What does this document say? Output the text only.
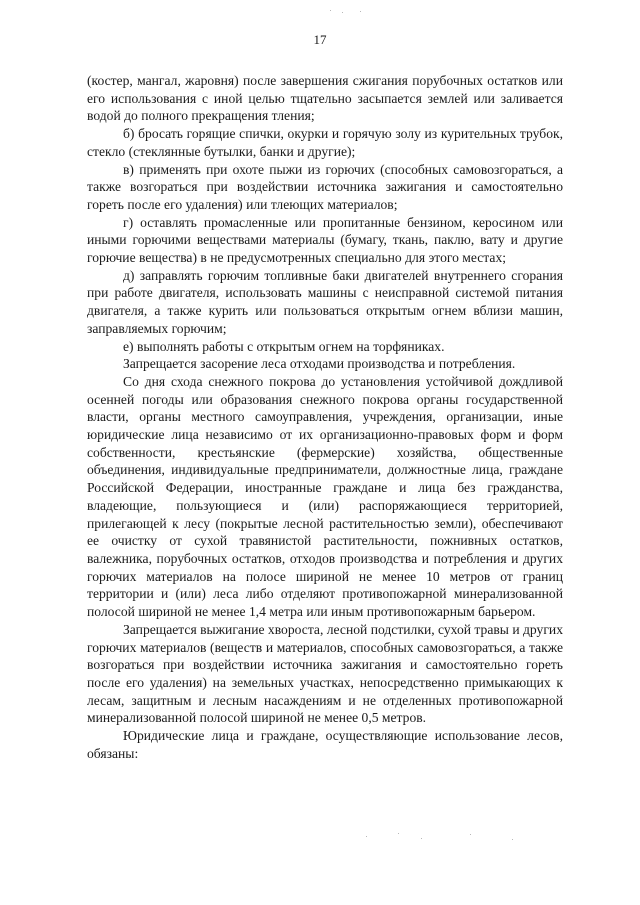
17

(костер, мангал, жаровня) после завершения сжигания порубочных остатков или его использования с иной целью тщательно засыпается землей или заливается водой до полного прекращения тления;

б) бросать горящие спички, окурки и горячую золу из курительных трубок, стекло (стеклянные бутылки, банки и другие);

в) применять при охоте пыжи из горючих (способных самовозгораться, а также возгораться при воздействии источника зажигания и самостоятельно гореть после его удаления) или тлеющих материалов;

г) оставлять промасленные или пропитанные бензином, керосином или иными горючими веществами материалы (бумагу, ткань, паклю, вату и другие горючие вещества) в не предусмотренных специально для этого местах;

д) заправлять горючим топливные баки двигателей внутреннего сгорания при работе двигателя, использовать машины с неисправной системой питания двигателя, а также курить или пользоваться открытым огнем вблизи машин, заправляемых горючим;

е) выполнять работы с открытым огнем на торфяниках.

Запрещается засорение леса отходами производства и потребления.

Со дня схода снежного покрова до установления устойчивой дождливой осенней погоды или образования снежного покрова органы государственной власти, органы местного самоуправления, учреждения, организации, иные юридические лица независимо от их организационно-правовых форм и форм собственности, крестьянские (фермерские) хозяйства, общественные объединения, индивидуальные предприниматели, должностные лица, граждане Российской Федерации, иностранные граждане и лица без гражданства, владеющие, пользующиеся и (или) распоряжающиеся территорией, прилегающей к лесу (покрытые лесной растительностью земли), обеспечивают ее очистку от сухой травянистой растительности, пожнивных остатков, валежника, порубочных остатков, отходов производства и потребления и других горючих материалов на полосе шириной не менее 10 метров от границ территории и (или) леса либо отделяют противопожарной минерализованной полосой шириной не менее 1,4 метра или иным противопожарным барьером.

Запрещается выжигание хвороста, лесной подстилки, сухой травы и других горючих материалов (веществ и материалов, способных самовозгораться, а также возгораться при воздействии источника зажигания и самостоятельно гореть после его удаления) на земельных участках, непосредственно примыкающих к лесам, защитным и лесным насаждениям и не отделенных противопожарной минерализованной полосой шириной не менее 0,5 метров.

Юридические лица и граждане, осуществляющие использование лесов, обязаны:
